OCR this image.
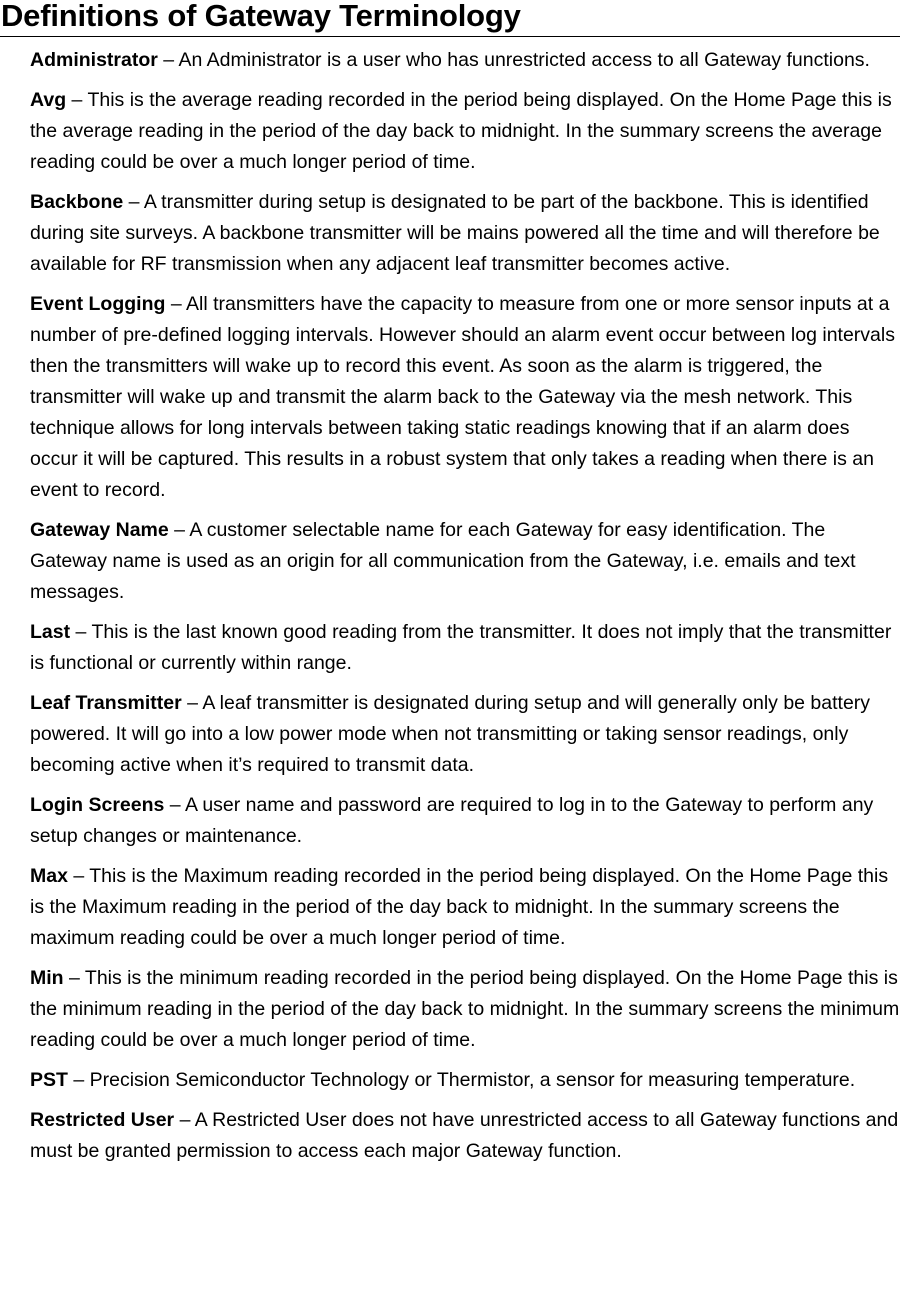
Definitions of Gateway Terminology

Administrator – An Administrator is a user who has unrestricted access to all Gateway functions.

Avg – This is the average reading recorded in the period being displayed. On the Home Page this is the average reading in the period of the day back to midnight. In the summary screens the average reading could be over a much longer period of time.

Backbone – A transmitter during setup is designated to be part of the backbone. This is identified during site surveys. A backbone transmitter will be mains powered all the time and will therefore be available for RF transmission when any adjacent leaf transmitter becomes active.

Event Logging – All transmitters have the capacity to measure from one or more sensor inputs at a number of pre-defined logging intervals. However should an alarm event occur between log intervals then the transmitters will wake up to record this event. As soon as the alarm is triggered, the transmitter will wake up and transmit the alarm back to the Gateway via the mesh network. This technique allows for long intervals between taking static readings knowing that if an alarm does occur it will be captured. This results in a robust system that only takes a reading when there is an event to record.

Gateway Name – A customer selectable name for each Gateway for easy identification. The Gateway name is used as an origin for all communication from the Gateway, i.e. emails and text messages.

Last – This is the last known good reading from the transmitter. It does not imply that the transmitter is functional or currently within range.

Leaf Transmitter – A leaf transmitter is designated during setup and will generally only be battery powered. It will go into a low power mode when not transmitting or taking sensor readings, only becoming active when it’s required to transmit data.

Login Screens – A user name and password are required to log in to the Gateway to perform any setup changes or maintenance.

Max – This is the Maximum reading recorded in the period being displayed. On the Home Page this is the Maximum reading in the period of the day back to midnight. In the summary screens the maximum reading could be over a much longer period of time.

Min – This is the minimum reading recorded in the period being displayed. On the Home Page this is the minimum reading in the period of the day back to midnight. In the summary screens the minimum reading could be over a much longer period of time.

PST – Precision Semiconductor Technology or Thermistor, a sensor for measuring temperature.

Restricted User – A Restricted User does not have unrestricted access to all Gateway functions and must be granted permission to access each major Gateway function.
